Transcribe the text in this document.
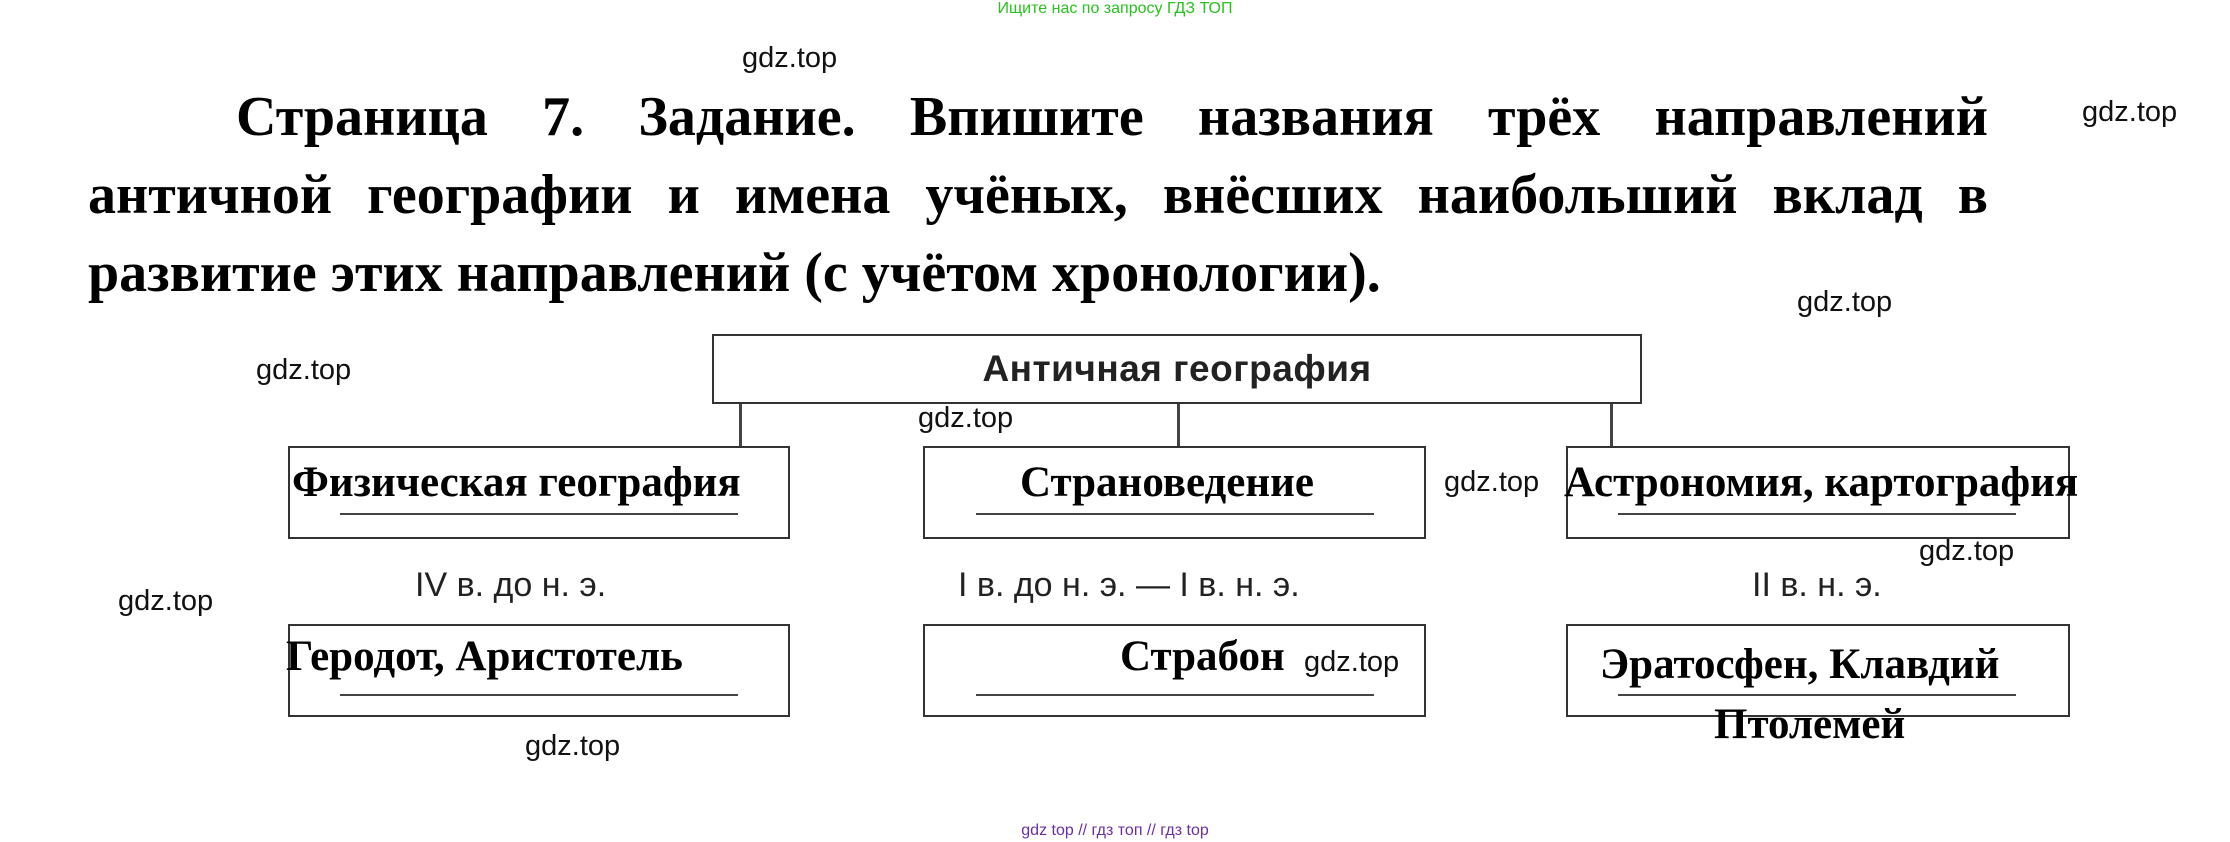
Ищите нас по запросу ГДЗ ТОП
Страница 7. Задание. Впишите названия трёх направлений античной географии и имена учёных, внёсших наибольший вклад в развитие этих направлений (с учётом хронологии).
gdz.top
gdz.top
gdz.top
gdz.top
gdz.top
gdz.top
gdz.top
gdz.top
gdz.top
gdz.top
Античная география
Физическая география	Страноведение	Астрономия, картография
IV в. до н. э.	I в. до н. э. — I в. н. э.	II в. н. э.
Геродот, Аристотель	Страбон	Эратосфен, Клавдий
Птолемей
gdz top // гдз топ // гдз top
